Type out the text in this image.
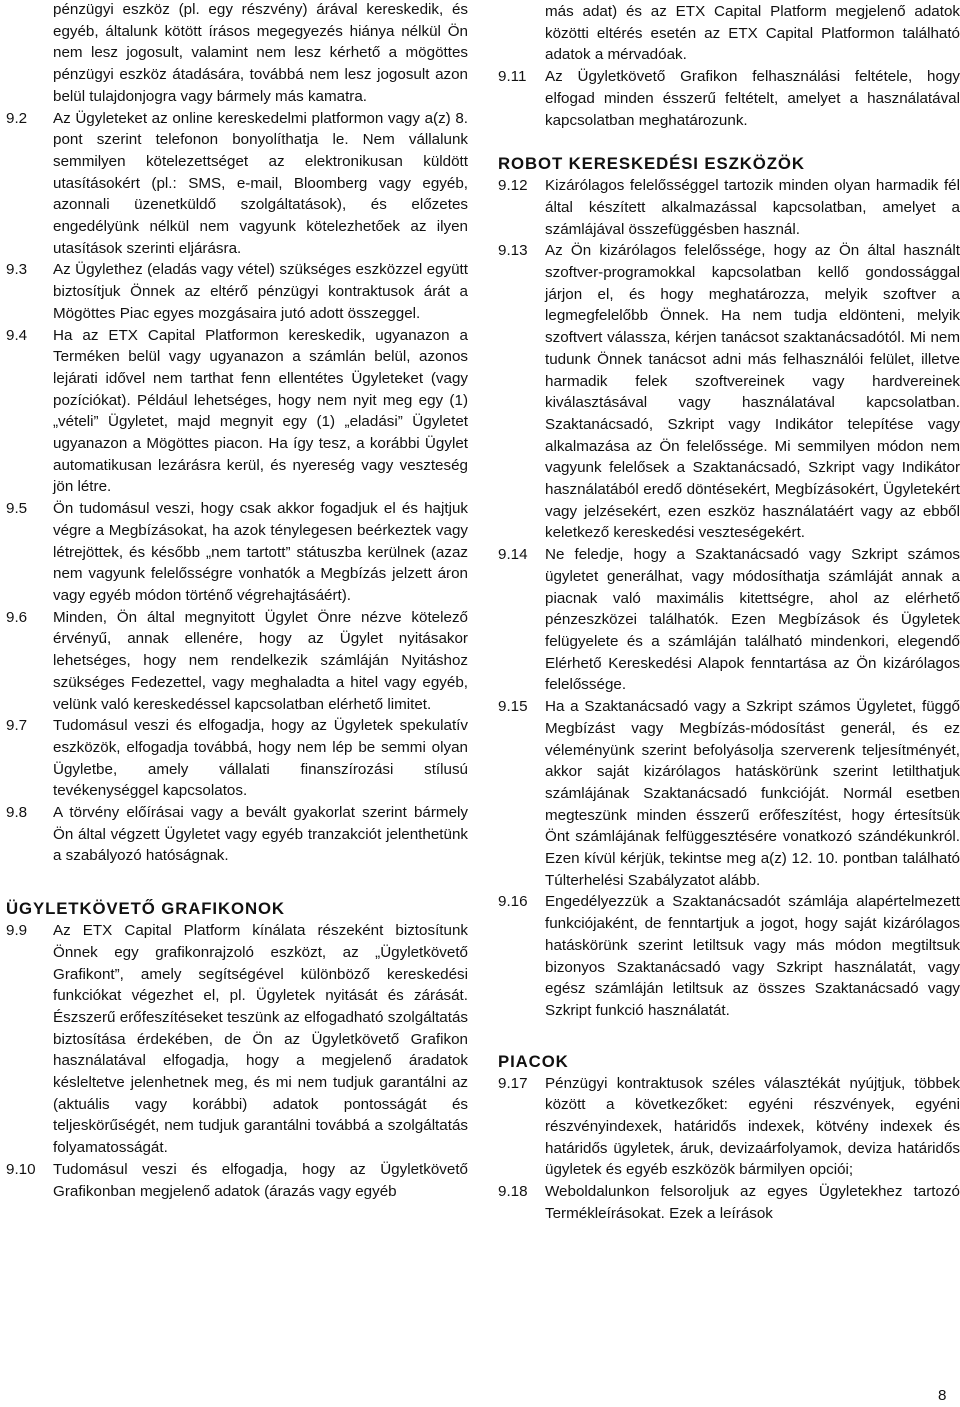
pénzügyi eszköz (pl. egy részvény) árával kereskedik, és egyéb, általunk kötött írásos megegyezés hiánya nélkül Ön nem lesz jogosult, valamint nem lesz kérhető a mögöttes pénzügyi eszköz átadására, továbbá nem lesz jogosult azon belül tulajdonjogra vagy bármely más kamatra.

9.2	Az Ügyleteket az online kereskedelmi platformon vagy a(z) 8. pont szerint telefonon bonyolíthatja le. Nem vállalunk semmilyen kötelezettséget az elektronikusan küldött utasításokért (pl.: SMS, e-mail, Bloomberg vagy egyéb, azonnali üzenetküldő szolgáltatások), és előzetes engedélyünk nélkül nem vagyunk kötelezhetőek az ilyen utasítások szerinti eljárásra.
9.3	Az Ügylethez (eladás vagy vétel) szükséges eszközzel együtt biztosítjuk Önnek az eltérő pénzügyi kontraktusok árát a Mögöttes Piac egyes mozgásaira jutó adott összeggel.
9.4	Ha az ETX Capital Platformon kereskedik, ugyanazon a Terméken belül vagy ugyanazon a számlán belül, azonos lejárati idővel nem tarthat fenn ellentétes Ügyleteket (vagy pozíciókat). Például lehetséges, hogy nem nyit meg egy (1) „vételi” Ügyletet, majd megnyit egy (1) „eladási” Ügyletet ugyanazon a Mögöttes piacon. Ha így tesz, a korábbi Ügylet automatikusan lezárásra kerül, és nyereség vagy veszteség jön létre.
9.5	Ön tudomásul veszi, hogy csak akkor fogadjuk el és hajtjuk végre a Megbízásokat, ha azok ténylegesen beérkeztek vagy létrejöttek, és később „nem tartott” státuszba kerülnek (azaz nem vagyunk felelősségre vonhatók a Megbízás jelzett áron vagy egyéb módon történő végrehajtásáért).
9.6	Minden, Ön által megnyitott Ügylet Önre nézve kötelező érvényű, annak ellenére, hogy az Ügylet nyitásakor lehetséges, hogy nem rendelkezik számláján Nyitáshoz szükséges Fedezettel, vagy meghaladta a hitel vagy egyéb, velünk való kereskedéssel kapcsolatban elérhető limitet.
9.7	Tudomásul veszi és elfogadja, hogy az Ügyletek spekulatív eszközök, elfogadja továbbá, hogy nem lép be semmi olyan Ügyletbe, amely vállalati finanszírozási stílusú tevékenységgel kapcsolatos.
9.8	A törvény előírásai vagy a bevált gyakorlat szerint bármely Ön által végzett Ügyletet vagy egyéb tranzakciót jelenthetünk a szabályozó hatóságnak.
ÜGYLETKÖVETŐ GRAFIKONOK
9.9	Az ETX Capital Platform kínálata részeként biztosítunk Önnek egy grafikonrajzoló eszközt, az „Ügyletkövető Grafikont”, amely segítségével különböző kereskedési funkciókat végezhet el, pl. Ügyletek nyitását és zárását. Észszerű erőfeszítéseket teszünk az elfogadható szolgáltatás biztosítása érdekében, de Ön az Ügyletkövető Grafikon használatával elfogadja, hogy a megjelenő áradatok késleltetve jelenhetnek meg, és mi nem tudjuk garantálni az (aktuális vagy korábbi) adatok pontosságát és teljeskörűségét, nem tudjuk garantálni továbbá a szolgáltatás folyamatosságát.
9.10	Tudomásul veszi és elfogadja, hogy az Ügyletkövető Grafikonban megjelenő adatok (árazás vagy egyéb

más adat) és az ETX Capital Platform megjelenő adatok közötti eltérés esetén az ETX Capital Platformon található adatok a mérvadóak.

9.11	Az Ügyletkövető Grafikon felhasználási feltétele, hogy elfogad minden ésszerű feltételt, amelyet a használatával kapcsolatban meghatározunk.
ROBOT KERESKEDÉSI ESZKÖZÖK
9.12	Kizárólagos felelősséggel tartozik minden olyan harmadik fél által készített alkalmazással kapcsolatban, amelyet a számlájával összefüggésben használ.
9.13	Az Ön kizárólagos felelőssége, hogy az Ön által használt szoftver-programokkal kapcsolatban kellő gondossággal járjon el, és hogy meghatározza, melyik szoftver a legmegfelelőbb Önnek. Ha nem tudja eldönteni, melyik szoftvert válassza, kérjen tanácsot szaktanácsadótól. Mi nem tudunk Önnek tanácsot adni más felhasználói felület, illetve harmadik felek szoftvereinek vagy hardvereinek kiválasztásával vagy használatával kapcsolatban. Szaktanácsadó, Szkript vagy Indikátor telepítése vagy alkalmazása az Ön felelőssége. Mi semmilyen módon nem vagyunk felelősek a Szaktanácsadó, Szkript vagy Indikátor használatából eredő döntésekért, Megbízásokért, Ügyletekért vagy jelzésekért, ezen eszköz használatáért vagy az ebből keletkező kereskedési veszteségekért.
9.14	Ne feledje, hogy a Szaktanácsadó vagy Szkript számos ügyletet generálhat, vagy módosíthatja számláját annak a piacnak való maximális kitettségre, ahol az elérhető pénzeszközei találhatók. Ezen Megbízások és Ügyletek felügyelete és a számláján található mindenkori, elegendő Elérhető Kereskedési Alapok fenntartása az Ön kizárólagos felelőssége.
9.15	Ha a Szaktanácsadó vagy a Szkript számos Ügyletet, függő Megbízást vagy Megbízás-módosítást generál, és ez véleményünk szerint befolyásolja szerverenk teljesítményét, akkor saját kizárólagos hatáskörünk szerint letilthatjuk számlájának Szaktanácsadó funkcióját. Normál esetben megteszünk minden ésszerű erőfeszítést, hogy értesítsük Önt számlájának felfüggesztésére vonatkozó szándékunkról. Ezen kívül kérjük, tekintse meg a(z) 12. 10. pontban található Túlterhelési Szabályzatot alább.
9.16	Engedélyezzük a Szaktanácsadót számlája alapértelmezett funkciójaként, de fenntartjuk a jogot, hogy saját kizárólagos hatáskörünk szerint letiltsuk vagy más módon megtiltsuk bizonyos Szaktanácsadó vagy Szkript használatát, vagy egész számláján letiltsuk az összes Szaktanácsadó vagy Szkript funkció használatát.
PIACOK
9.17	Pénzügyi kontraktusok széles választékát nyújtjuk, többek között a következőket: egyéni részvények, egyéni részvényindexek, határidős indexek, kötvény indexek és határidős ügyletek, áruk, devizaárfolyamok, deviza határidős ügyletek és egyéb eszközök bármilyen opciói;
9.18	Weboldalunkon felsoroljuk az egyes Ügyletekhez tartozó Termékleírásokat. Ezek a leírások
8
